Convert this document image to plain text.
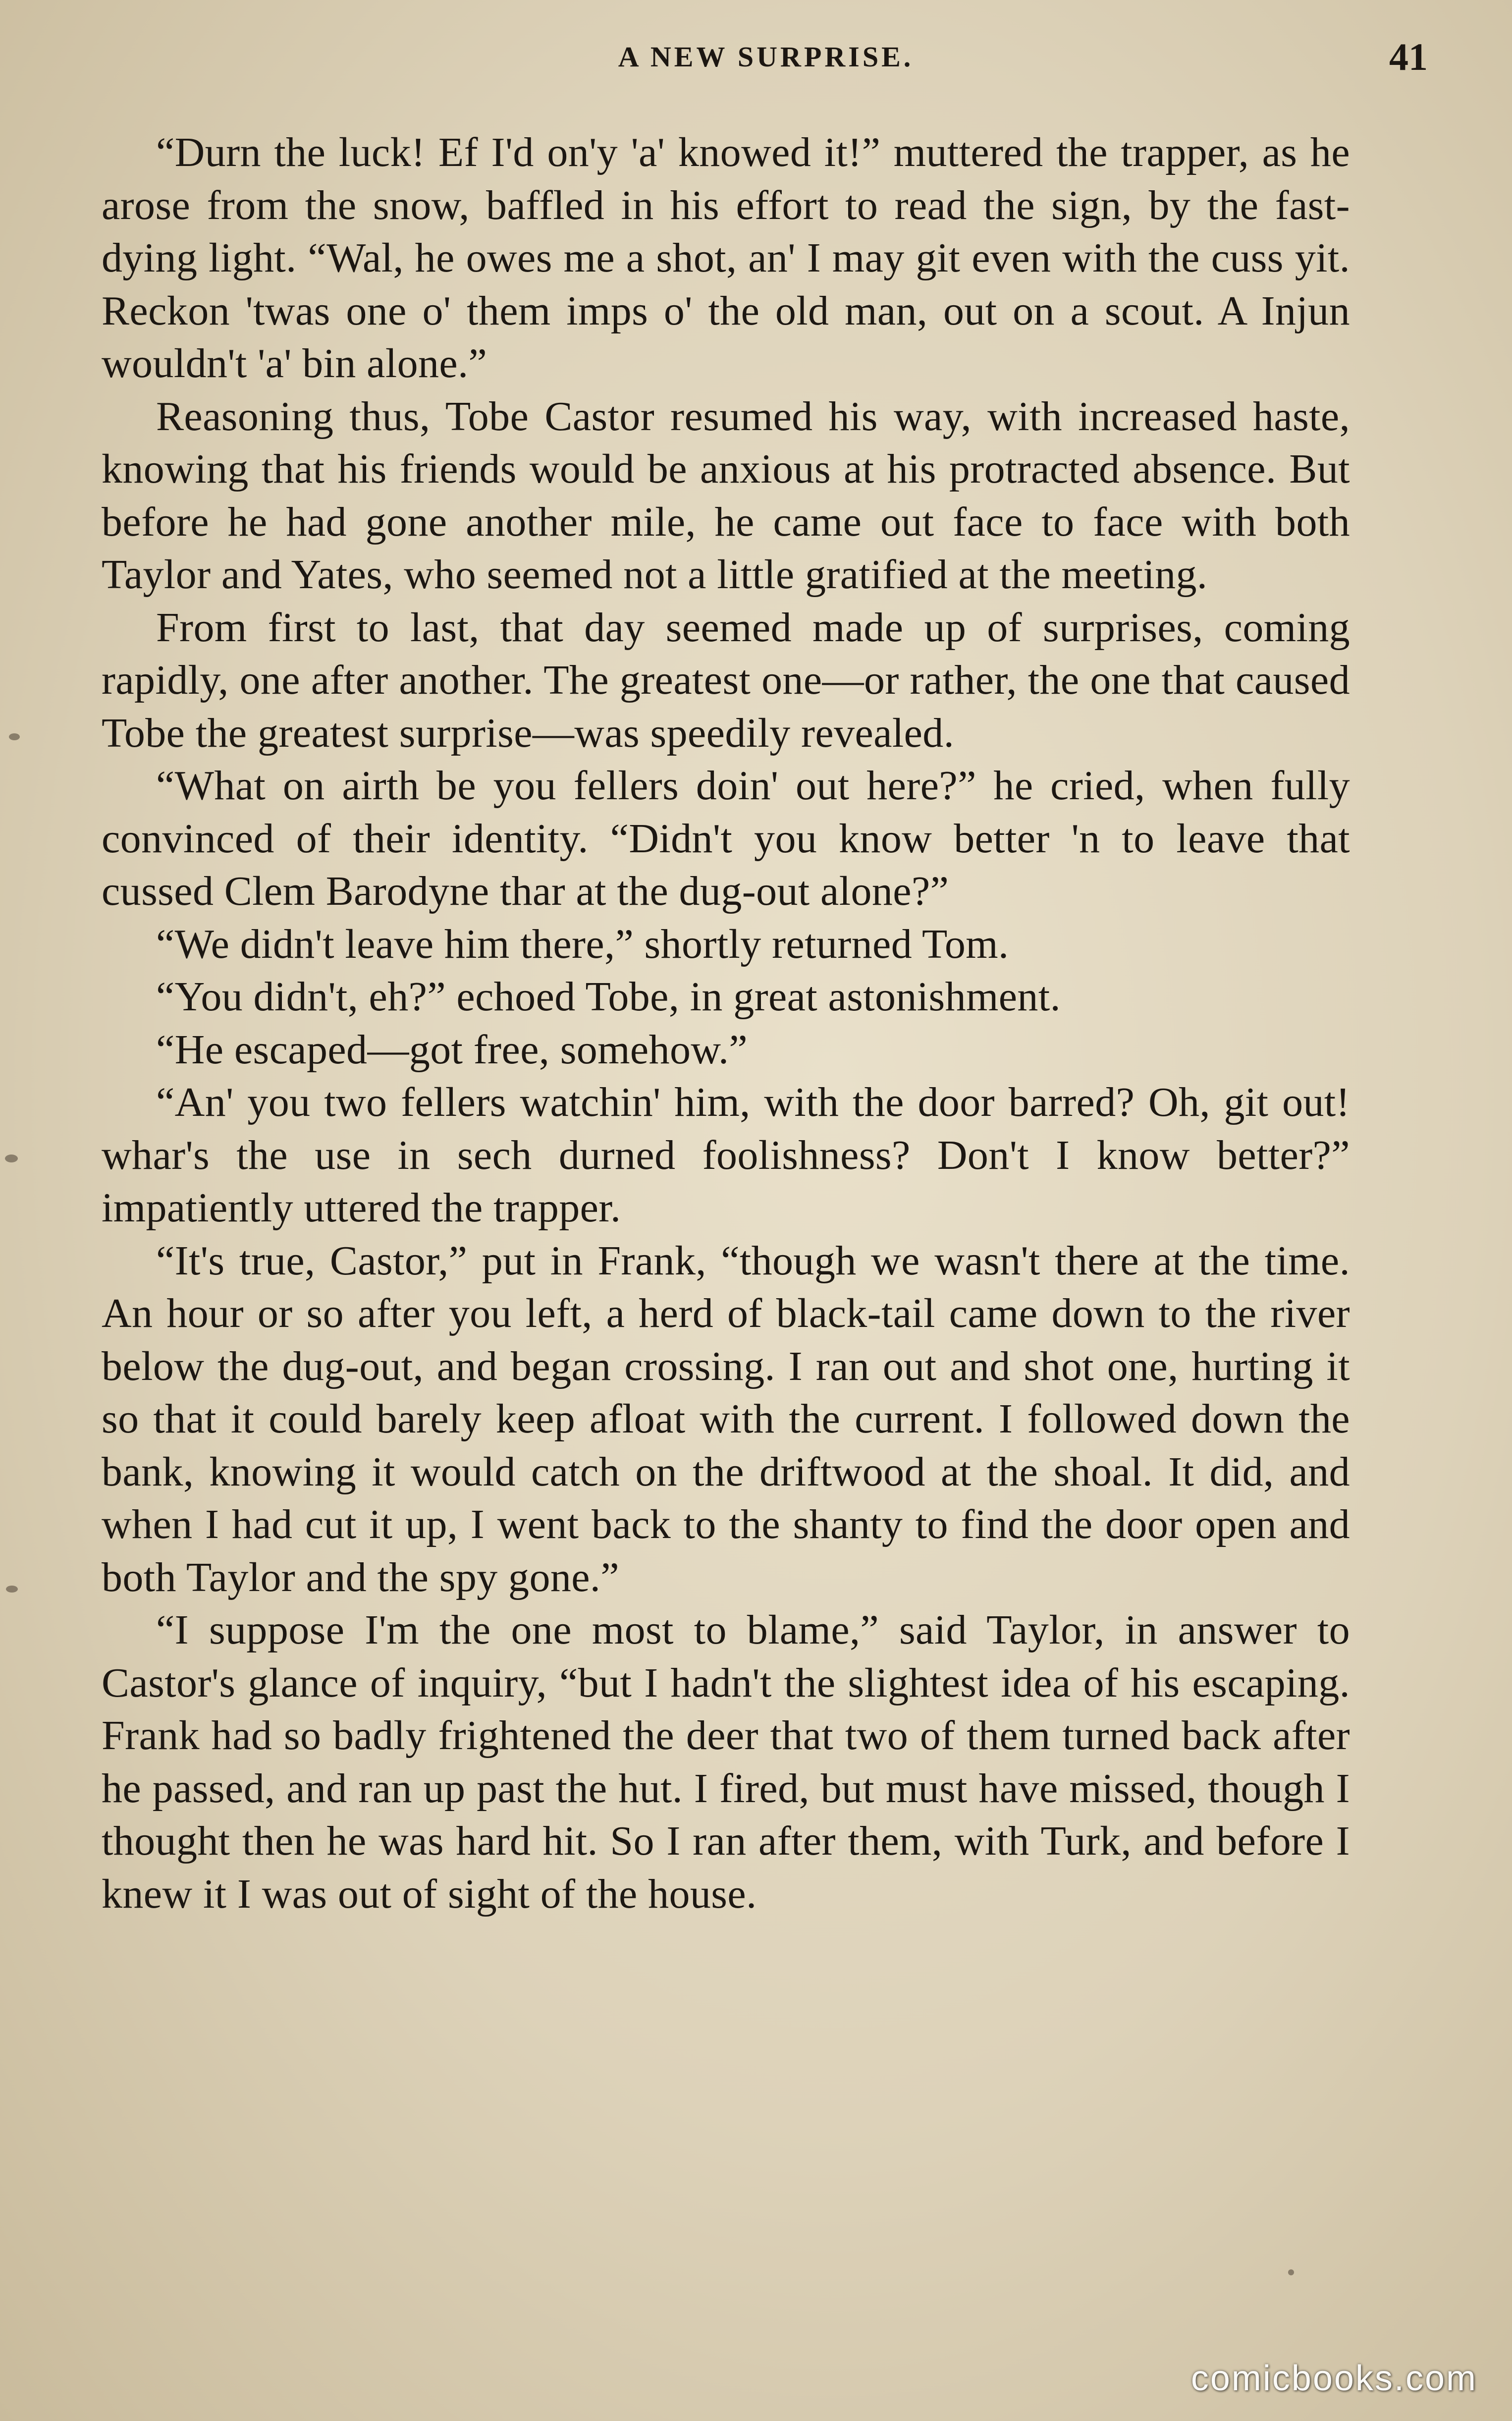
A NEW SURPRISE.	41

“Durn the luck! Ef I'd on'y 'a' knowed it!” muttered the trapper, as he arose from the snow, baffled in his effort to read the sign, by the fast-dying light. “Wal, he owes me a shot, an' I may git even with the cuss yit. Reckon 'twas one o' them imps o' the old man, out on a scout. A Injun wouldn't 'a' bin alone.”

Reasoning thus, Tobe Castor resumed his way, with increased haste, knowing that his friends would be anxious at his protracted absence. But before he had gone another mile, he came out face to face with both Taylor and Yates, who seemed not a little gratified at the meeting.

From first to last, that day seemed made up of surprises, coming rapidly, one after another. The greatest one—or rather, the one that caused Tobe the greatest surprise—was speedily revealed.

“What on airth be you fellers doin' out here?” he cried, when fully convinced of their identity. “Didn't you know better 'n to leave that cussed Clem Barodyne thar at the dug-out alone?”

“We didn't leave him there,” shortly returned Tom.

“You didn't, eh?” echoed Tobe, in great astonishment.

“He escaped—got free, somehow.”

“An' you two fellers watchin' him, with the door barred? Oh, git out! whar's the use in sech durned foolishness? Don't I know better?” impatiently uttered the trapper.

“It's true, Castor,” put in Frank, “though we wasn't there at the time. An hour or so after you left, a herd of black-tail came down to the river below the dug-out, and began crossing. I ran out and shot one, hurting it so that it could barely keep afloat with the current. I followed down the bank, knowing it would catch on the driftwood at the shoal. It did, and when I had cut it up, I went back to the shanty to find the door open and both Taylor and the spy gone.”

“I suppose I'm the one most to blame,” said Taylor, in answer to Castor's glance of inquiry, “but I hadn't the slightest idea of his escaping. Frank had so badly frightened the deer that two of them turned back after he passed, and ran up past the hut. I fired, but must have missed, though I thought then he was hard hit. So I ran after them, with Turk, and before I knew it I was out of sight of the house.

comicbooks.com
